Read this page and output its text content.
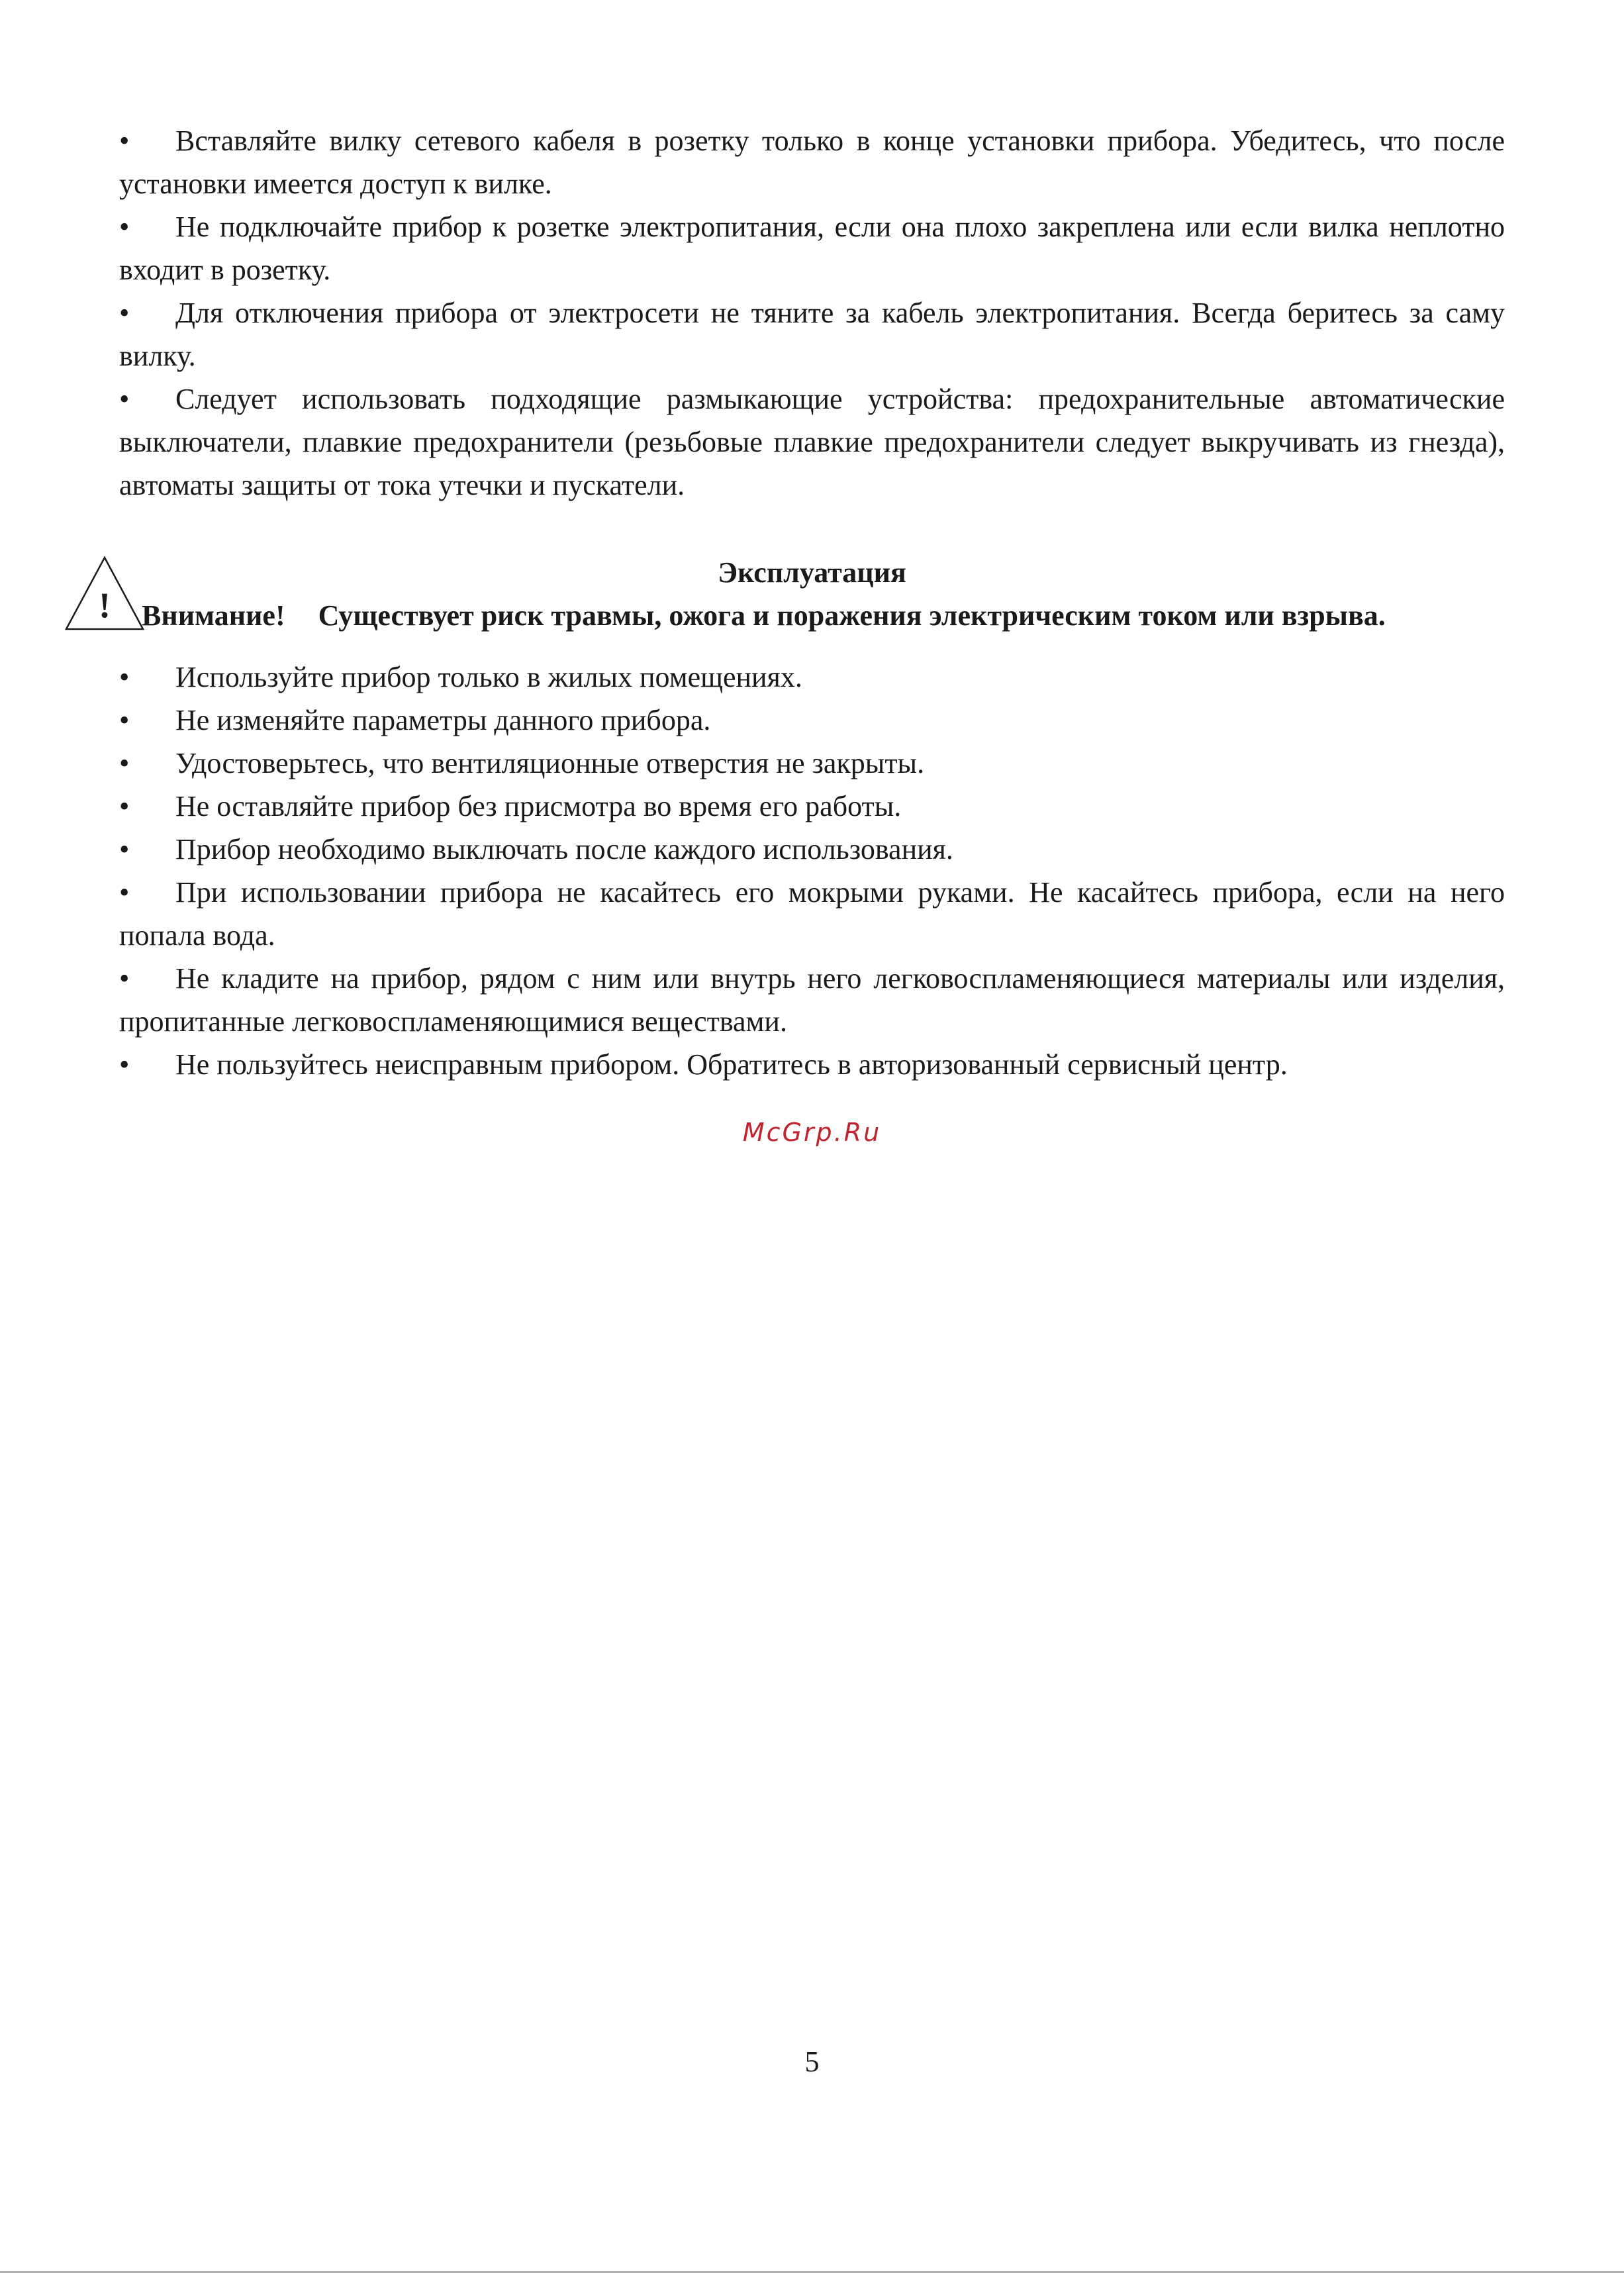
• Вставляйте вилку сетевого кабеля в розетку только в конце установки прибора. Убедитесь, что после установки имеется доступ к вилке.

• Не подключайте прибор к розетке электропитания, если она плохо закреплена или если вилка неплотно входит в розетку.

• Для отключения прибора от электросети не тяните за кабель электропитания. Всегда беритесь за саму вилку.

• Следует использовать подходящие размыкающие устройства: предохранительные автоматические выключатели, плавкие предохранители (резьбовые плавкие предохранители следует выкручивать из гнезда), автоматы защиты от тока утечки и пускатели.

!
Эксплуатация
Внимание! Существует риск травмы, ожога и поражения электрическим током или взрыва.

• Используйте прибор только в жилых помещениях.

• Не изменяйте параметры данного прибора.

• Удостоверьтесь, что вентиляционные отверстия не закрыты.

• Не оставляйте прибор без присмотра во время его работы.

• Прибор необходимо выключать после каждого использования.

• При использовании прибора не касайтесь его мокрыми руками. Не касайтесь прибора, если на него попала вода.

• Не кладите на прибор, рядом с ним или внутрь него легковоспламеняющиеся материалы или изделия, пропитанные легковоспламеняющимися веществами.

• Не пользуйтесь неисправным прибором. Обратитесь в авторизованный сервисный центр.

McGrp.Ru
5
